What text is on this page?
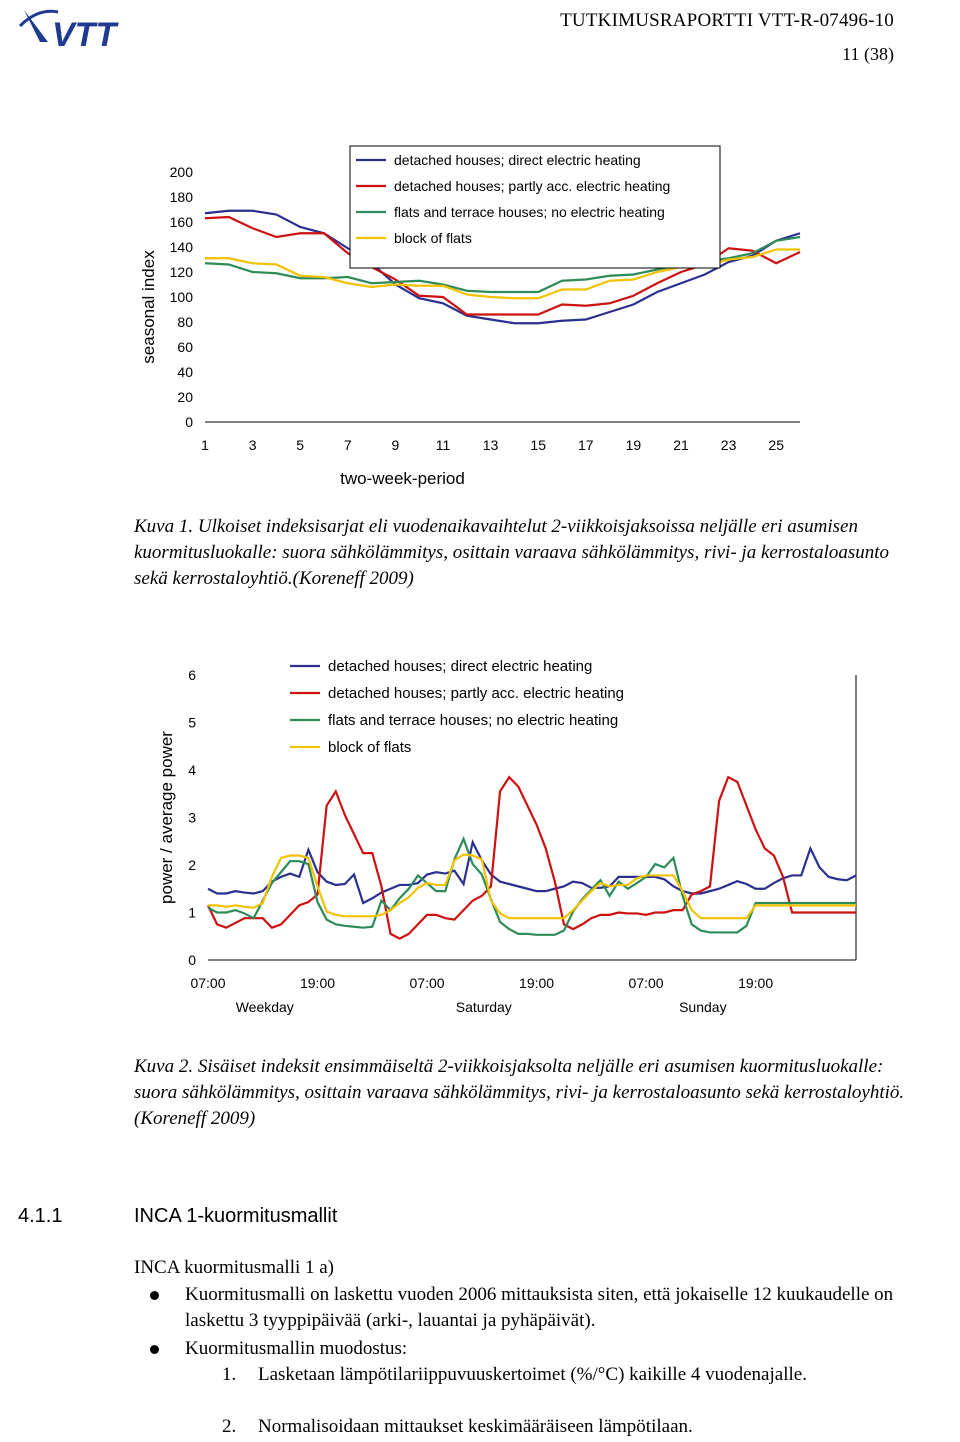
VTT	TUTKIMUSRAPORTTI VTT-R-07496-10
11 (38)
0
20
40
60
80
100
120
140
160
180
200
1	3	5	7	9	11 13 15 17 19 21 23 25
two-week-period
seasonal index
detached houses; direct electric heating
detached houses; partly acc. electric heating
flats and terrace houses; no electric heating
block of flats
Kuva 1. Ulkoiset indeksisarjat eli vuodenaikavaihtelut 2-viikkoisjaksoissa neljälle eri asumisen kuormitusluokalle: suora sähkölämmitys, osittain varaava sähkölämmitys, rivi- ja kerrostaloasunto sekä kerrostaloyhtiö.(Koreneff 2009)
0
1
2
3
4
5
6
07:00	19:00	07:00	19:00	07:00	19:00
Weekday	Saturday	Sunday
power / average power
detached houses; direct electric heating
detached houses; partly acc. electric heating
flats and terrace houses; no electric heating
block of flats
Kuva 2. Sisäiset indeksit ensimmäiseltä 2-viikkoisjaksolta neljälle eri asumisen kuormitusluokalle: suora sähkölämmitys, osittain varaava sähkölämmitys, rivi- ja kerrostaloasunto sekä kerrostaloyhtiö.(Koreneff 2009)
4.1.1	INCA 1-kuormitusmallit
INCA kuormitusmalli 1 a)
Kuormitusmalli on laskettu vuoden 2006 mittauksista siten, että jokaiselle 12 kuukaudelle on laskettu 3 tyyppipäivää (arki-, lauantai ja pyhäpäivät).
Kuormitusmallin muodostus:
1. Lasketaan lämpötilariippuvuuskertoimet (%/°C) kaikille 4 vuodenajalle.
2. Normalisoidaan mittaukset keskimääräiseen lämpötilaan.
